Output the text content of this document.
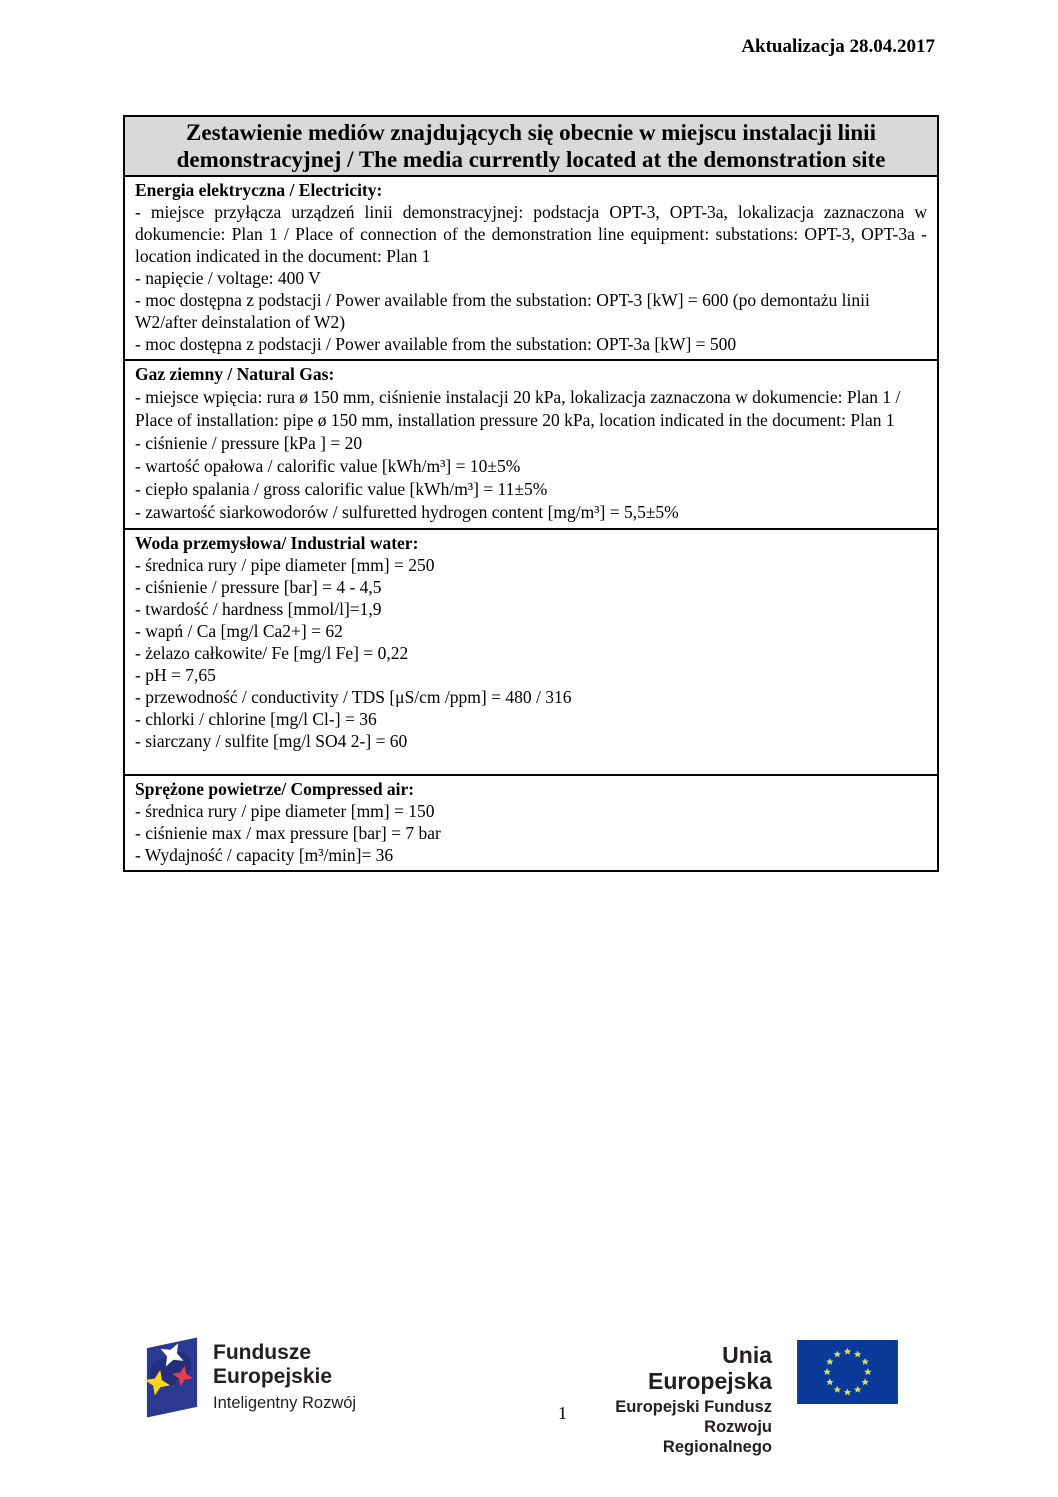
Aktualizacja 28.04.2017
Zestawienie mediów znajdujących się obecnie w miejscu instalacji linii demonstracyjnej / The media currently located at the demonstration site
Energia elektryczna / Electricity:
- miejsce przyłącza urządzeń linii demonstracyjnej: podstacja OPT-3, OPT-3a, lokalizacja zaznaczona w dokumencie: Plan 1 / Place of connection of the demonstration line equipment: substations: OPT-3, OPT-3a - location indicated in the document: Plan 1
- napięcie / voltage: 400 V
- moc dostępna z podstacji / Power available from the substation: OPT-3 [kW] = 600 (po demontażu linii W2/after deinstalation of W2)
- moc dostępna z podstacji / Power available from the substation: OPT-3a [kW] = 500
Gaz ziemny / Natural Gas:
- miejsce wpięcia: rura ø 150 mm, ciśnienie instalacji 20 kPa, lokalizacja zaznaczona w dokumencie: Plan 1 / Place of installation: pipe ø 150 mm, installation pressure 20 kPa, location indicated in the document: Plan 1
- ciśnienie / pressure [kPa ] = 20
- wartość opałowa / calorific value [kWh/m³] = 10±5%
- ciepło spalania / gross calorific value [kWh/m³] = 11±5%
- zawartość siarkowodorów / sulfuretted hydrogen content [mg/m³] = 5,5±5%
Woda przemysłowa/ Industrial water:
- średnica rury / pipe diameter [mm] = 250
- ciśnienie / pressure [bar] = 4 - 4,5
- twardość / hardness [mmol/l]=1,9
- wapń / Ca [mg/l Ca2+] = 62
- żelazo całkowite/ Fe [mg/l Fe] = 0,22
- pH = 7,65
- przewodność / conductivity / TDS [μS/cm /ppm] = 480 / 316
- chlorki / chlorine [mg/l Cl-] = 36
- siarczany / sulfite [mg/l SO4 2-] = 60
Sprężone powietrze/ Compressed air:
- średnica rury / pipe diameter [mm] = 150
- ciśnienie max / max pressure [bar] = 7 bar
- Wydajność / capacity [m³/min]= 36
Fundusze
Europejskie
Inteligentny Rozwój
Unia Europejska
Europejski Fundusz
Rozwoju Regionalnego
1
